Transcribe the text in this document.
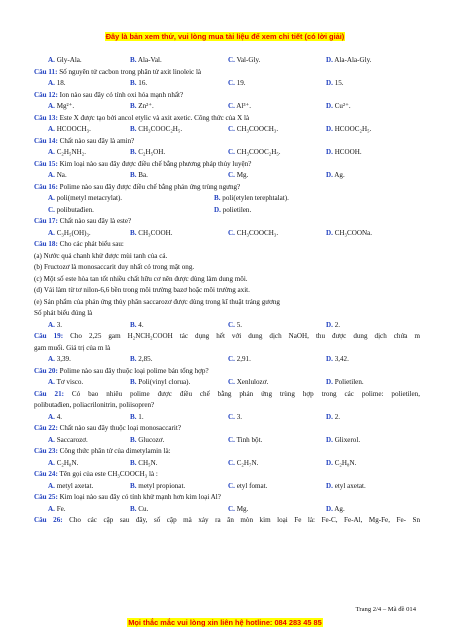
Đây là bản xem thử, vui lòng mua tài liệu để xem chi tiết (có lời giải)
A. Gly-Ala.	B. Ala-Val.	C. Val-Gly.	D. Ala-Ala-Gly.
Câu 11: Số nguyên tử cacbon trong phân tử axit linoleic là
A. 18.	B. 16.	C. 19.	D. 15.
Câu 12: Ion nào sau đây có tính oxi hóa mạnh nhất?
A. Mg²⁺.	B. Zn²⁺.	C. Al³⁺.	D. Cu²⁺.
Câu 13: Este X được tạo bởi ancol etylic và axit axetic. Công thức của X là
A. HCOOCH₃.	B. CH₃COOC₂H₅.	C. CH₃COOCH₃.	D. HCOOC₂H₅.
Câu 14: Chất nào sau đây là amin?
A. C₂H₅NH₂.	B. C₂H₅OH.	C. CH₃COOC₂H₅.	D. HCOOH.
Câu 15: Kim loại nào sau đây được điều chế bằng phương pháp thủy luyện?
A. Na.	B. Ba.	C. Mg.	D. Ag.
Câu 16: Polime nào sau đây được điều chế bằng phản ứng trùng ngưng?
A. poli(metyl metacrylat).	B. poli(etylen terephtalat).
C. polibutađien.	D. polietilen.
Câu 17: Chất nào sau đây là este?
A. C₃H₅(OH)₃.	B. CH₃COOH.	C. CH₃COOCH₃.	D. CH₃COONa.
Câu 18: Cho các phát biểu sau:
(a) Nước quả chanh khử được mùi tanh của cá.
(b) Fructozơ là monosaccarit duy nhất có trong mật ong.
(c) Một số este hòa tan tốt nhiều chất hữu cơ nên được dùng làm dung môi.
(d) Vải làm từ tơ nilon-6,6 bền trong môi trường bazơ hoặc môi trường axit.
(e) Sản phẩm của phản ứng thủy phân saccarozơ được dùng trong kĩ thuật tráng gương
Số phát biểu đúng là
A. 3.	B. 4.	C. 5.	D. 2.
Câu 19: Cho 2,25 gam H₂NCH₂COOH tác dụng hết với dung dịch NaOH, thu được dung dịch chứa m
gam muối. Giá trị của m là
A. 3,39.	B. 2,85.	C. 2,91.	D. 3,42.
Câu 20: Polime nào sau đây thuộc loại polime bán tổng hợp?
A. Tơ visco.	B. Poli(vinyl clorua).	C. Xenlulozơ.	D. Polietilen.
Câu 21: Có bao nhiêu polime được điều chế bằng phản ứng trùng hợp trong các polime: polietilen,
polibutađien, poliacrilonitrin, poliisopren?
A. 4.	B. 1.	C. 3.	D. 2.
Câu 22: Chất nào sau đây thuộc loại monosaccarit?
A. Saccarozơ.	B. Glucozơ.	C. Tinh bột.	D. Glixerol.
Câu 23: Công thức phân tử của dimetylamin là:
A. C₂H₈N.	B. CH₅N.	C. C₂H₇N.	D. C₂H₈N.
Câu 24: Tên gọi của este CH₃COOCH₃ là :
A. metyl axetat.	B. metyl propionat.	C. etyl fomat.	D. etyl axetat.
Câu 25: Kim loại nào sau đây có tính khử mạnh hơn kim loại Al?
A. Fe.	B. Cu.	C. Mg.	D. Ag.
Câu 26: Cho các cặp sau đây, số cặp mà xảy ra ăn mòn kim loại Fe là: Fe-C, Fe-Al, Mg-Fe, Fe- Sn
Trang 2/4 – Mã đề 014
Mọi thắc mắc vui lòng xin liên hệ hotline: 084 283 45 85
